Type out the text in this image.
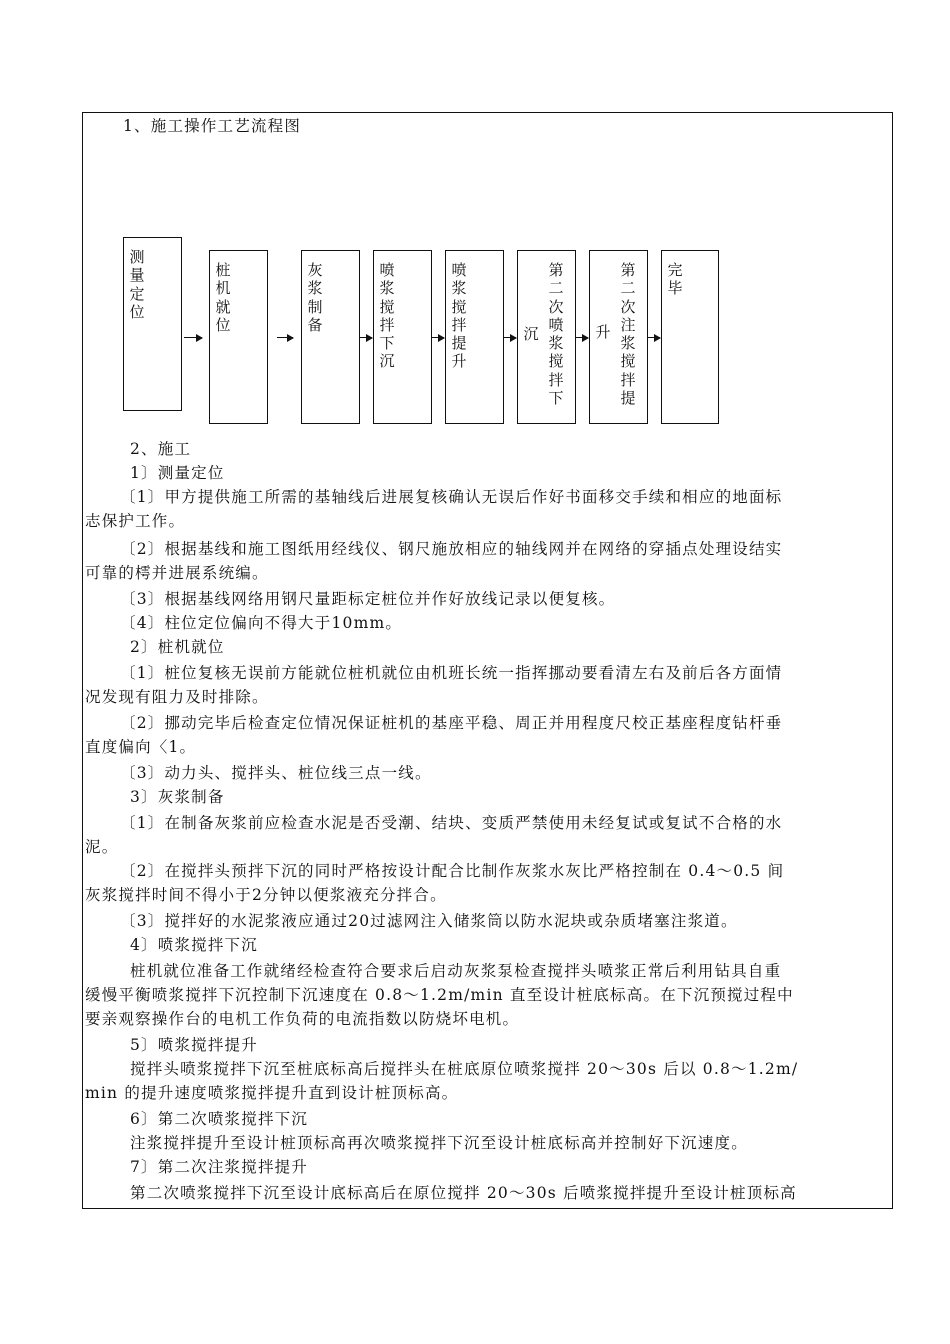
1、施工操作工艺流程图
测量定位
桩机就位
灰浆制备
喷浆搅拌下沉
喷浆搅拌提升
沉
第二次喷浆搅拌下
升
第二次注浆搅拌提
完毕
2、施工
1〕测量定位
〔1〕甲方提供施工所需的基轴线后进展复核确认无误后作好书面移交手续和相应的地面标
志保护工作。
〔2〕根据基线和施工图纸用经线仪、钢尺施放相应的轴线网并在网络的穿插点处理设结实
可靠的樗并进展系统编。
〔3〕根据基线网络用钢尺量距标定桩位并作好放线记录以便复核。
〔4〕柱位定位偏向不得大于10mm。
2〕桩机就位
〔1〕桩位复核无误前方能就位桩机就位由机班长统一指挥挪动要看清左右及前后各方面情
况发现有阻力及时排除。
〔2〕挪动完毕后检查定位情况保证桩机的基座平稳、周正并用程度尺校正基座程度钻杆垂
直度偏向〈1。
〔3〕动力头、搅拌头、桩位线三点一线。
3〕灰浆制备
〔1〕在制备灰浆前应检查水泥是否受潮、结块、变质严禁使用未经复试或复试不合格的水
泥。
〔2〕在搅拌头预拌下沉的同时严格按设计配合比制作灰浆水灰比严格控制在 0.4～0.5 间
灰浆搅拌时间不得小于2分钟以便浆液充分拌合。
〔3〕搅拌好的水泥浆液应通过20过滤网注入储浆筒以防水泥块或杂质堵塞注浆道。
4〕喷浆搅拌下沉
桩机就位准备工作就绪经检查符合要求后启动灰浆泵检查搅拌头喷浆正常后利用钻具自重
缓慢平衡喷浆搅拌下沉控制下沉速度在 0.8～1.2m/min 直至设计桩底标高。在下沉预搅过程中
要亲观察操作台的电机工作负荷的电流指数以防烧坏电机。
5〕喷浆搅拌提升
搅拌头喷浆搅拌下沉至桩底标高后搅拌头在桩底原位喷浆搅拌 20～30s 后以 0.8～1.2m/
min 的提升速度喷浆搅拌提升直到设计桩顶标高。
6〕第二次喷浆搅拌下沉
注浆搅拌提升至设计桩顶标高再次喷浆搅拌下沉至设计桩底标高并控制好下沉速度。
7〕第二次注浆搅拌提升
第二次喷浆搅拌下沉至设计底标高后在原位搅拌 20～30s 后喷浆搅拌提升至设计桩顶标高
